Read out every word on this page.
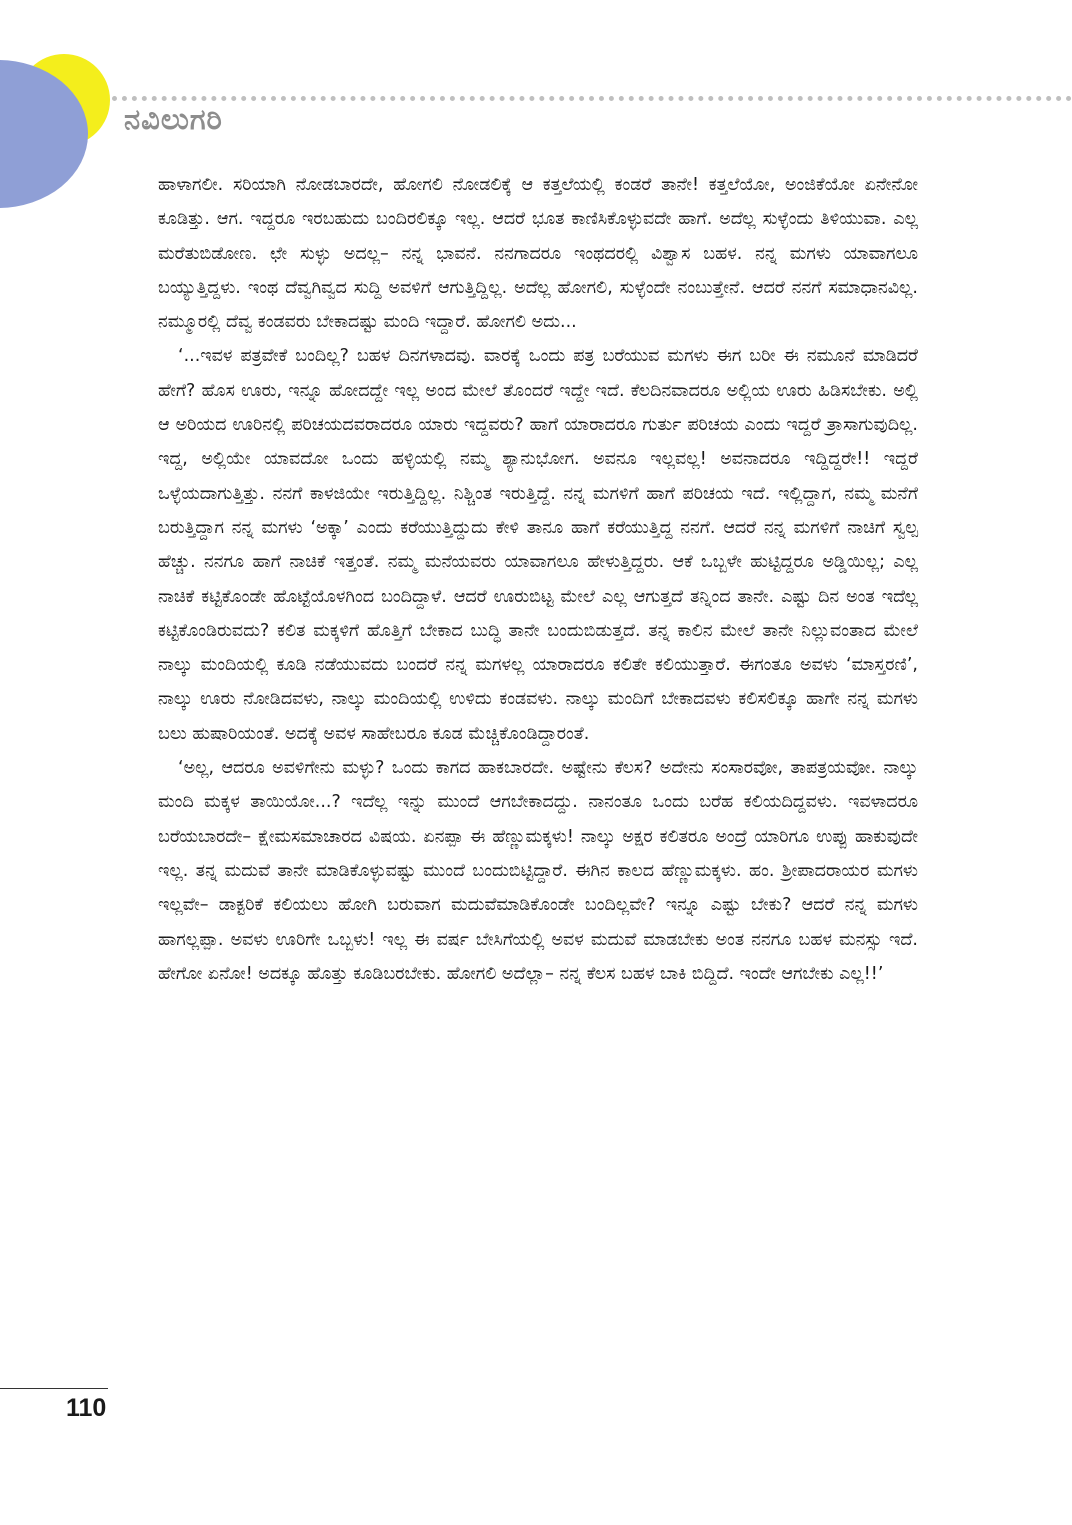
ನವಿಲುಗರಿ

ಹಾಳಾಗಲೀ. ಸರಿಯಾಗಿ ನೋಡಬಾರದೇ, ಹೋಗಲಿ ನೋಡಲಿಕ್ಕೆ ಆ ಕತ್ತಲೆಯಲ್ಲಿ ಕಂಡರೆ ತಾನೇ! ಕತ್ತಲೆಯೋ, ಅಂಜಿಕೆಯೋ ಏನೇನೋ ಕೂಡಿತ್ತು. ಆಗ. ಇದ್ದರೂ ಇರಬಹುದು ಬಂದಿರಲಿಕ್ಕೂ ಇಲ್ಲ. ಆದರೆ ಭೂತ ಕಾಣಿಸಿಕೊಳ್ಳುವದೇ ಹಾಗೆ. ಅದೆಲ್ಲ ಸುಳ್ಳೆಂದು ತಿಳಿಯುವಾ. ಎಲ್ಲ ಮರೆತುಬಿಡೋಣ. ಛೇ ಸುಳ್ಳು ಅದಲ್ಲ– ನನ್ನ ಭಾವನೆ. ನನಗಾದರೂ ಇಂಥದರಲ್ಲಿ ವಿಶ್ವಾಸ ಬಹಳ. ನನ್ನ ಮಗಳು ಯಾವಾಗಲೂ ಬಯ್ಯುತ್ತಿದ್ದಳು. ಇಂಥ ದೆವ್ವಗಿವ್ವದ ಸುದ್ದಿ ಅವಳಿಗೆ ಆಗುತ್ತಿದ್ದಿಲ್ಲ. ಅದೆಲ್ಲ ಹೋಗಲಿ, ಸುಳ್ಳೆಂದೇ ನಂಬುತ್ತೇನೆ. ಆದರೆ ನನಗೆ ಸಮಾಧಾನವಿಲ್ಲ. ನಮ್ಮೂರಲ್ಲಿ ದೆವ್ವ ಕಂಡವರು ಬೇಕಾದಷ್ಟು ಮಂದಿ ಇದ್ದಾರೆ. ಹೋಗಲಿ ಅದು...

‘...ಇವಳ ಪತ್ರವೇಕೆ ಬಂದಿಲ್ಲ? ಬಹಳ ದಿನಗಳಾದವು. ವಾರಕ್ಕೆ ಒಂದು ಪತ್ರ ಬರೆಯುವ ಮಗಳು ಈಗ ಬರೀ ಈ ನಮೂನೆ ಮಾಡಿದರೆ ಹೇಗೆ? ಹೊಸ ಊರು, ಇನ್ನೂ ಹೋದದ್ದೇ ಇಲ್ಲ ಅಂದ ಮೇಲೆ ತೊಂದರೆ ಇದ್ದೇ ಇದೆ. ಕೆಲದಿನವಾದರೂ ಅಲ್ಲಿಯ ಊರು ಹಿಡಿಸಬೇಕು. ಅಲ್ಲಿ ಆ ಅರಿಯದ ಊರಿನಲ್ಲಿ ಪರಿಚಯದವರಾದರೂ ಯಾರು ಇದ್ದವರು? ಹಾಗೆ ಯಾರಾದರೂ ಗುರ್ತು ಪರಿಚಯ ಎಂದು ಇದ್ದರೆ ತ್ರಾಸಾಗುವುದಿಲ್ಲ. ಇದ್ದ, ಅಲ್ಲಿಯೇ ಯಾವದೋ ಒಂದು ಹಳ್ಳಿಯಲ್ಲಿ ನಮ್ಮ ಶ್ಯಾನುಭೋಗ. ಅವನೂ ಇಲ್ಲವಲ್ಲ! ಅವನಾದರೂ ಇದ್ದಿದ್ದರೇ!! ಇದ್ದರೆ ಒಳ್ಳೆಯದಾಗುತ್ತಿತ್ತು. ನನಗೆ ಕಾಳಜಿಯೇ ಇರುತ್ತಿದ್ದಿಲ್ಲ. ನಿಶ್ಚಿಂತ ಇರುತ್ತಿದ್ದೆ. ನನ್ನ ಮಗಳಿಗೆ ಹಾಗೆ ಪರಿಚಯ ಇದೆ. ಇಲ್ಲಿದ್ದಾಗ, ನಮ್ಮ ಮನೆಗೆ ಬರುತ್ತಿದ್ದಾಗ ನನ್ನ ಮಗಳು ‘ಅಕ್ಕಾ’ ಎಂದು ಕರೆಯುತ್ತಿದ್ದುದು ಕೇಳಿ ತಾನೂ ಹಾಗೆ ಕರೆಯುತ್ತಿದ್ದ ನನಗೆ. ಆದರೆ ನನ್ನ ಮಗಳಿಗೆ ನಾಚಿಗೆ ಸ್ವಲ್ಪ ಹೆಚ್ಚು. ನನಗೂ ಹಾಗೆ ನಾಚಿಕೆ ಇತ್ತಂತೆ. ನಮ್ಮ ಮನೆಯವರು ಯಾವಾಗಲೂ ಹೇಳುತ್ತಿದ್ದರು. ಆಕೆ ಒಬ್ಬಳೇ ಹುಟ್ಟಿದ್ದರೂ ಅಡ್ಡಿಯಿಲ್ಲ; ಎಲ್ಲ ನಾಚಿಕೆ ಕಟ್ಟಿಕೊಂಡೇ ಹೊಟ್ಟೆಯೊಳಗಿಂದ ಬಂದಿದ್ದಾಳೆ. ಆದರೆ ಊರುಬಿಟ್ಟ ಮೇಲೆ ಎಲ್ಲ ಆಗುತ್ತದೆ ತನ್ನಿಂದ ತಾನೇ. ಎಷ್ಟು ದಿನ ಅಂತ ಇದೆಲ್ಲ ಕಟ್ಟಿಕೊಂಡಿರುವದು? ಕಲಿತ ಮಕ್ಕಳಿಗೆ ಹೊತ್ತಿಗೆ ಬೇಕಾದ ಬುದ್ಧಿ ತಾನೇ ಬಂದುಬಿಡುತ್ತದೆ. ತನ್ನ ಕಾಲಿನ ಮೇಲೆ ತಾನೇ ನಿಲ್ಲುವಂತಾದ ಮೇಲೆ ನಾಲ್ಕು ಮಂದಿಯಲ್ಲಿ ಕೂಡಿ ನಡೆಯುವದು ಬಂದರೆ ನನ್ನ ಮಗಳಲ್ಲ ಯಾರಾದರೂ ಕಲಿತೇ ಕಲಿಯುತ್ತಾರೆ. ಈಗಂತೂ ಅವಳು ‘ಮಾಸ್ತರಣಿ’, ನಾಲ್ಕು ಊರು ನೋಡಿದವಳು, ನಾಲ್ಕು ಮಂದಿಯಲ್ಲಿ ಉಳಿದು ಕಂಡವಳು. ನಾಲ್ಕು ಮಂದಿಗೆ ಬೇಕಾದವಳು ಕಲಿಸಲಿಕ್ಕೂ ಹಾಗೇ ನನ್ನ ಮಗಳು ಬಲು ಹುಷಾರಿಯಂತೆ. ಅದಕ್ಕೆ ಅವಳ ಸಾಹೇಬರೂ ಕೂಡ ಮೆಚ್ಚಿಕೊಂಡಿದ್ದಾರಂತೆ.

‘ಅಲ್ಲ, ಆದರೂ ಅವಳಿಗೇನು ಮಳ್ಳು? ಒಂದು ಕಾಗದ ಹಾಕಬಾರದೇ. ಅಷ್ಟೇನು ಕೆಲಸ? ಅದೇನು ಸಂಸಾರವೋ, ತಾಪತ್ರಯವೋ. ನಾಲ್ಕು ಮಂದಿ ಮಕ್ಕಳ ತಾಯಿಯೋ...? ಇದೆಲ್ಲ ಇನ್ನು ಮುಂದೆ ಆಗಬೇಕಾದದ್ದು. ನಾನಂತೂ ಒಂದು ಬರೆಹ ಕಲಿಯದಿದ್ದವಳು. ಇವಳಾದರೂ ಬರೆಯಬಾರದೇ– ಕ್ಷೇಮಸಮಾಚಾರದ ವಿಷಯ. ಏನಪ್ಪಾ ಈ ಹೆಣ್ಣುಮಕ್ಕಳು! ನಾಲ್ಕು ಅಕ್ಷರ ಕಲಿತರೂ ಅಂದ್ರೆ ಯಾರಿಗೂ ಉಪ್ಪು ಹಾಕುವುದೇ ಇಲ್ಲ. ತನ್ನ ಮದುವೆ ತಾನೇ ಮಾಡಿಕೊಳ್ಳುವಷ್ಟು ಮುಂದೆ ಬಂದುಬಿಟ್ಟಿದ್ದಾರೆ. ಈಗಿನ ಕಾಲದ ಹೆಣ್ಣುಮಕ್ಕಳು. ಹಂ. ಶ್ರೀಪಾದರಾಯರ ಮಗಳು ಇಲ್ಲವೇ– ಡಾಕ್ಟರಿಕೆ ಕಲಿಯಲು ಹೋಗಿ ಬರುವಾಗ ಮದುವೆಮಾಡಿಕೊಂಡೇ ಬಂದಿಲ್ಲವೇ? ಇನ್ನೂ ಎಷ್ಟು ಬೇಕು? ಆದರೆ ನನ್ನ ಮಗಳು ಹಾಗಲ್ಲಪ್ಪಾ. ಅವಳು ಊರಿಗೇ ಒಬ್ಬಳು! ಇಲ್ಲ ಈ ವರ್ಷ ಬೇಸಿಗೆಯಲ್ಲಿ ಅವಳ ಮದುವೆ ಮಾಡಬೇಕು ಅಂತ ನನಗೂ ಬಹಳ ಮನಸ್ಸು ಇದೆ. ಹೇಗೋ ಏನೋ! ಅದಕ್ಕೂ ಹೊತ್ತು ಕೂಡಿಬರಬೇಕು. ಹೋಗಲಿ ಅದೆಲ್ಲಾ– ನನ್ನ ಕೆಲಸ ಬಹಳ ಬಾಕಿ ಬಿದ್ದಿದೆ. ಇಂದೇ ಆಗಬೇಕು ಎಲ್ಲ!!’

110
